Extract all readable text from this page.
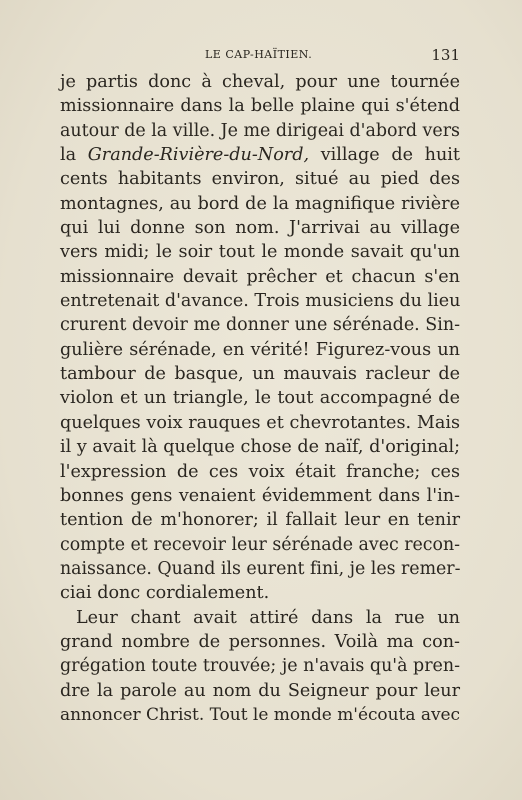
LE CAP-HAÏTIEN.	131
je partis donc à cheval, pour une tournée
missionnaire dans la belle plaine qui s'étend
autour de la ville. Je me dirigeai d'abord vers
la Grande-Rivière-du-Nord, village de huit
cents habitants environ, situé au pied des
montagnes, au bord de la magnifique rivière
qui lui donne son nom. J'arrivai au village
vers midi; le soir tout le monde savait qu'un
missionnaire devait prêcher et chacun s'en
entretenait d'avance. Trois musiciens du lieu
crurent devoir me donner une sérénade. Sin-
gulière sérénade, en vérité! Figurez-vous un
tambour de basque, un mauvais racleur de
violon et un triangle, le tout accompagné de
quelques voix rauques et chevrotantes. Mais
il y avait là quelque chose de naïf, d'original;
l'expression de ces voix était franche; ces
bonnes gens venaient évidemment dans l'in-
tention de m'honorer; il fallait leur en tenir
compte et recevoir leur sérénade avec recon-
naissance. Quand ils eurent fini, je les remer-
ciai donc cordialement.
Leur chant avait attiré dans la rue un
grand nombre de personnes. Voilà ma con-
grégation toute trouvée; je n'avais qu'à pren-
dre la parole au nom du Seigneur pour leur
annoncer Christ. Tout le monde m'écouta avec
